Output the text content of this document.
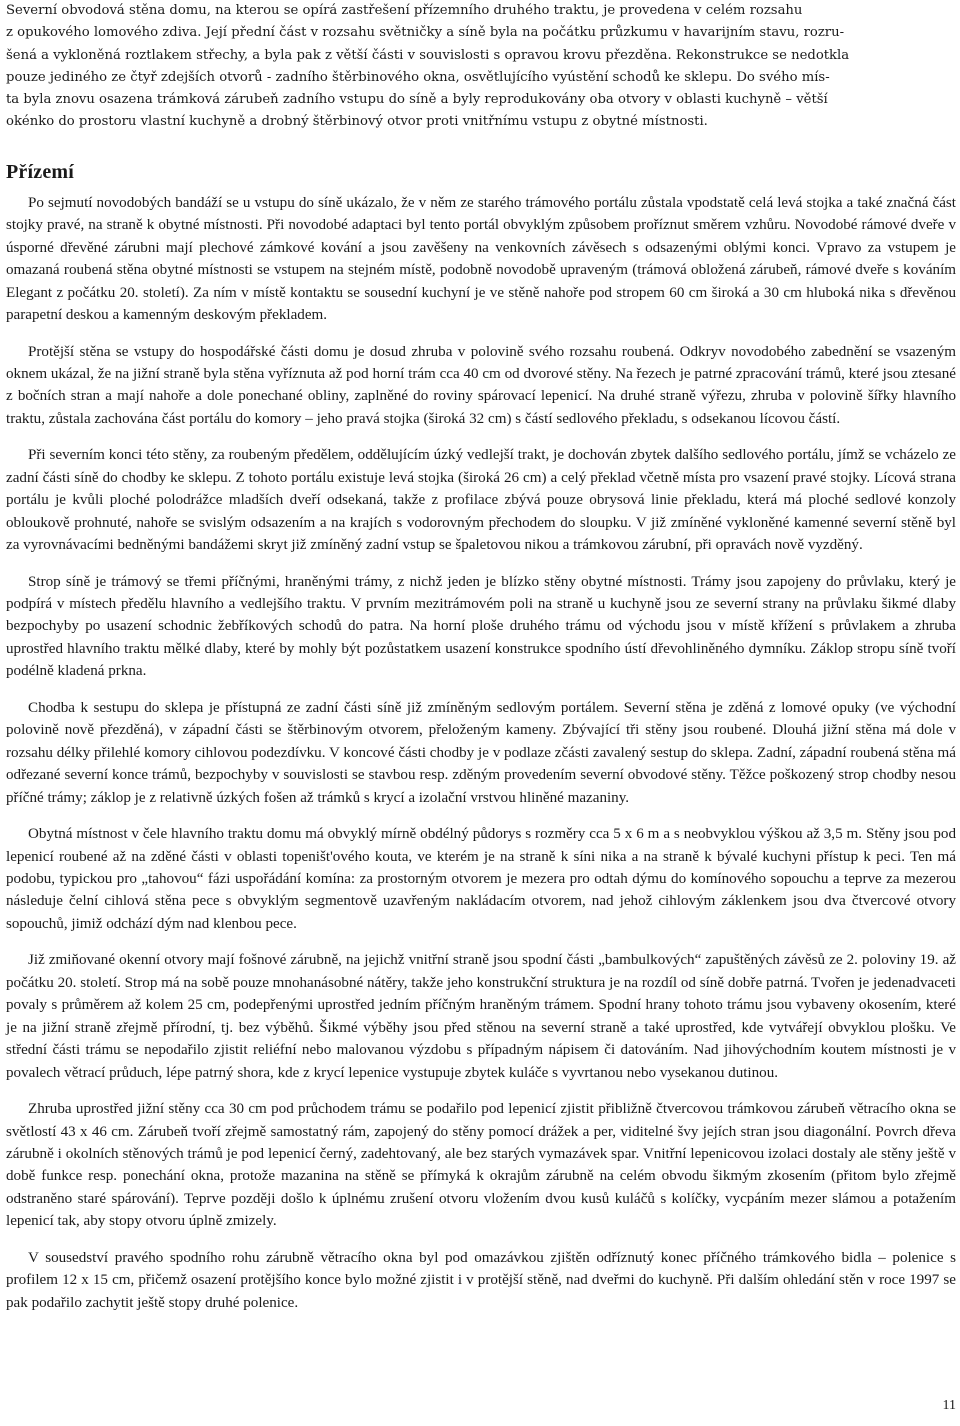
Severní obvodová stěna domu, na kterou se opírá zastřešení přízemního druhého traktu, je provedena v celém rozsahu
z opukového lomového zdiva. Její přední část v rozsahu světničky a síně byla na počátku průzkumu v havarijním stavu, rozru-
šená a vykloněná roztlakem střechy, a byla pak z větší části v souvislosti s opravou krovu přezděna. Rekonstrukce se nedotkla
pouze jediného ze čtyř zdejších otvorů - zadního štěrbinového okna, osvětlujícího vyústění schodů ke sklepu. Do svého mís-
ta byla znovu osazena trámková zárubeň zadního vstupu do síně a byly reprodukovány oba otvory v oblasti kuchyně – větší
okénko do prostoru vlastní kuchyně a drobný štěrbinový otvor proti vnitřnímu vstupu z obytné místnosti.
Přízemí

Po sejmutí novodobých bandáží se u vstupu do síně ukázalo, že v něm ze starého trámového portálu zůstala vpodstatě celá levá stojka a také značná část stojky pravé, na straně k obytné místnosti. Při novodobé adaptaci byl tento portál obvyklým způsobem proříznut směrem vzhůru. Novodobé rámové dveře v úsporné dřevěné zárubni mají plechové zámkové kování a jsou zavěšeny na venkovních závěsech s odsazenými oblými konci. Vpravo za vstupem je omazaná roubená stěna obytné místnosti se vstupem na stejném místě, podobně novodobě upraveným (trámová obložená zárubeň, rámové dveře s kováním Elegant z počátku 20. století). Za ním v místě kontaktu se sousední kuchyní je ve stěně nahoře pod stropem 60 cm široká a 30 cm hluboká nika s dřevěnou parapetní deskou a kamenným deskovým překladem.

Protější stěna se vstupy do hospodářské části domu je dosud zhruba v polovině svého rozsahu roubená. Odkryv novodobého zabednění se vsazeným oknem ukázal, že na jižní straně byla stěna vyříznuta až pod horní trám cca 40 cm od dvorové stěny. Na řezech je patrné zpracování trámů, které jsou ztesané z bočních stran a mají nahoře a dole ponechané obliny, zaplněné do roviny spárovací lepenicí. Na druhé straně výřezu, zhruba v polovině šířky hlavního traktu, zůstala zachována část portálu do komory – jeho pravá stojka (široká 32 cm) s částí sedlového překladu, s odsekanou lícovou částí.

Při severním konci této stěny, za roubeným předělem, oddělujícím úzký vedlejší trakt, je dochován zbytek dalšího sedlového portálu, jímž se vcházelo ze zadní části síně do chodby ke sklepu. Z tohoto portálu existuje levá stojka (široká 26 cm) a celý překlad včetně místa pro vsazení pravé stojky. Lícová strana portálu je kvůli ploché polodrážce mladších dveří odsekaná, takže z profilace zbývá pouze obrysová linie překladu, která má ploché sedlové konzoly obloukově prohnuté, nahoře se svislým odsazením a na krajích s vodorovným přechodem do sloupku. V již zmíněné vykloněné kamenné severní stěně byl za vyrovnávacími bedněnými bandážemi skryt již zmíněný zadní vstup se špaletovou nikou a trámkovou zárubní, při opravách nově vyzděný.

Strop síně je trámový se třemi příčnými, hraněnými trámy, z nichž jeden je blízko stěny obytné místnosti. Trámy jsou zapojeny do průvlaku, který je podpírá v místech předělu hlavního a vedlejšího traktu. V prvním mezitrámovém poli na straně u kuchyně jsou ze severní strany na průvlaku šikmé dlaby bezpochyby po usazení schodnic žebříkových schodů do patra. Na horní ploše druhého trámu od východu jsou v místě křížení s průvlakem a zhruba uprostřed hlavního traktu mělké dlaby, které by mohly být pozůstatkem usazení konstrukce spodního ústí dřevohliněného dymníku. Záklop stropu síně tvoří podélně kladená prkna.

Chodba k sestupu do sklepa je přístupná ze zadní části síně již zmíněným sedlovým portálem. Severní stěna je zděná z lomové opuky (ve východní polovině nově přezděná), v západní části se štěrbinovým otvorem, přeloženým kameny. Zbývající tři stěny jsou roubené. Dlouhá jižní stěna má dole v rozsahu délky přilehlé komory cihlovou podezdívku. V koncové části chodby je v podlaze zčásti zavalený sestup do sklepa. Zadní, západní roubená stěna má odřezané severní konce trámů, bezpochyby v souvislosti se stavbou resp. zděným provedením severní obvodové stěny. Těžce poškozený strop chodby nesou příčné trámy; záklop je z relativně úzkých fošen až trámků s krycí a izolační vrstvou hliněné mazaniny.

Obytná místnost v čele hlavního traktu domu má obvyklý mírně obdélný půdorys s rozměry cca 5 x 6 m a s neobvyklou výškou až 3,5 m. Stěny jsou pod lepenicí roubené až na zděné části v oblasti topeništ'ového kouta, ve kterém je na straně k síni nika a na straně k bývalé kuchyni přístup k peci. Ten má podobu, typickou pro „tahovou“ fázi uspořádání komína: za prostorným otvorem je mezera pro odtah dýmu do komínového sopouchu a teprve za mezerou následuje čelní cihlová stěna pece s obvyklým segmentově uzavřeným nakládacím otvorem, nad jehož cihlovým záklenkem jsou dva čtvercové otvory sopouchů, jimiž odchází dým nad klenbou pece.

Již zmiňované okenní otvory mají fošnové zárubně, na jejichž vnitřní straně jsou spodní části „bambulkových“ zapuštěných závěsů ze 2. poloviny 19. až počátku 20. století. Strop má na sobě pouze mnohanásobné nátěry, takže jeho konstrukční struktura je na rozdíl od síně dobře patrná. Tvořen je jedenadvaceti povaly s průměrem až kolem 25 cm, podepřenými uprostřed jedním příčným hraněným trámem. Spodní hrany tohoto trámu jsou vybaveny okosením, které je na jižní straně zřejmě přírodní, tj. bez výběhů. Šikmé výběhy jsou před stěnou na severní straně a také uprostřed, kde vytvářejí obvyklou plošku. Ve střední části trámu se nepodařilo zjistit reliéfní nebo malovanou výzdobu s případným nápisem či datováním. Nad jihovýchodním koutem místnosti je v povalech větrací průduch, lépe patrný shora, kde z krycí lepenice vystupuje zbytek kuláče s vyvrtanou nebo vysekanou dutinou.

Zhruba uprostřed jižní stěny cca 30 cm pod průchodem trámu se podařilo pod lepenicí zjistit přibližně čtvercovou trámkovou zárubeň větracího okna se světlostí 43 x 46 cm. Zárubeň tvoří zřejmě samostatný rám, zapojený do stěny pomocí drážek a per, viditelné švy jejích stran jsou diagonální. Povrch dřeva zárubně i okolních stěnových trámů je pod lepenicí černý, zadehtovaný, ale bez starých vymazávek spar. Vnitřní lepenicovou izolaci dostaly ale stěny ještě v době funkce resp. ponechání okna, protože mazanina na stěně se přímyká k okrajům zárubně na celém obvodu šikmým zkosením (přitom bylo zřejmě odstraněno staré spárování). Teprve později došlo k úplnému zrušení otvoru vložením dvou kusů kuláčů s kolíčky, vycpáním mezer slámou a potažením lepenicí tak, aby stopy otvoru úplně zmizely.

V sousedství pravého spodního rohu zárubně větracího okna byl pod omazávkou zjištěn odříznutý konec příčného trámkového bidla – polenice s profilem 12 x 15 cm, přičemž osazení protějšího konce bylo možné zjistit i v protější stěně, nad dveřmi do kuchyně. Při dalším ohledání stěn v roce 1997 se pak podařilo zachytit ještě stopy druhé polenice.

11
